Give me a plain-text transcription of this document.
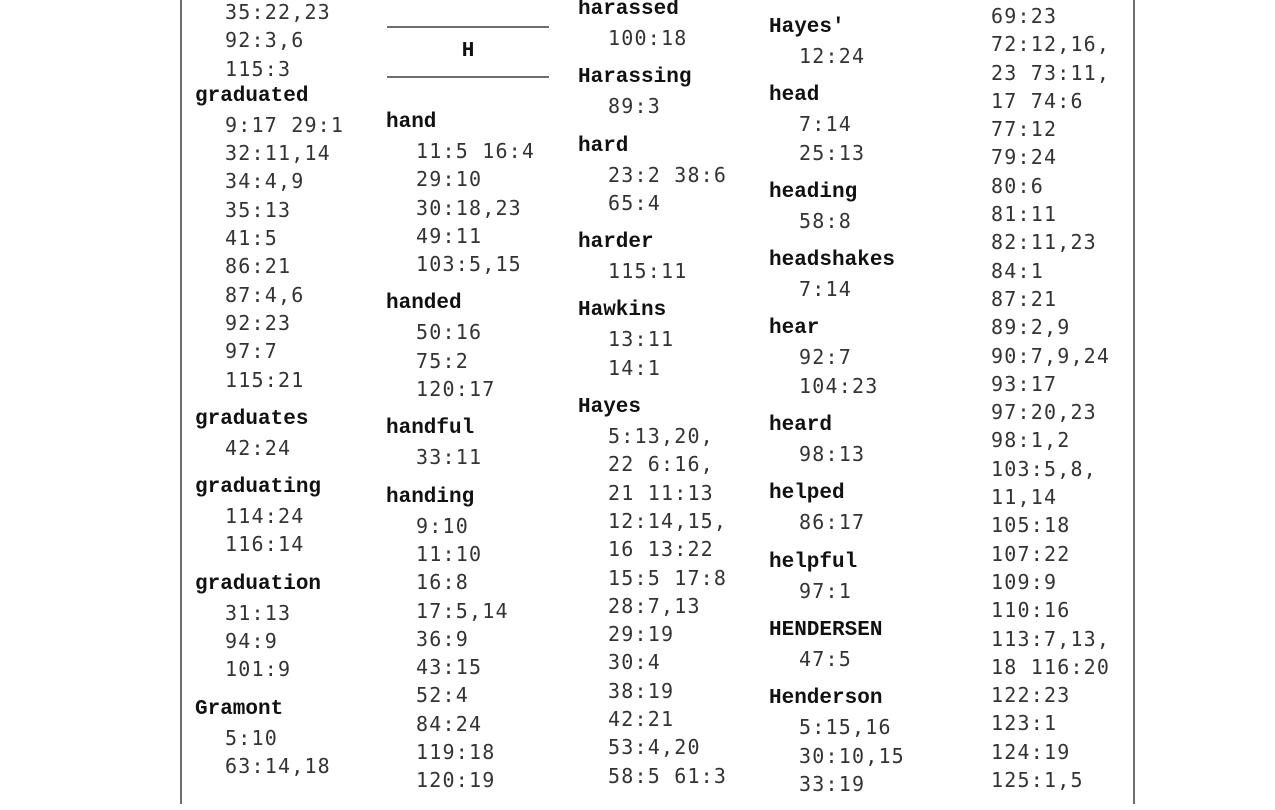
35:22,23
92:3,6
115:3
graduated
9:17 29:1
32:11,14
34:4,9
35:13
41:5
86:21
87:4,6
92:23
97:7
115:21
graduates
42:24
graduating
114:24
116:14
graduation
31:13
94:9
101:9
Gramont
5:10
63:14,18
H
hand
11:5 16:4
29:10
30:18,23
49:11
103:5,15
handed
50:16
75:2
120:17
handful
33:11
handing
9:10
11:10
16:8
17:5,14
36:9
43:15
52:4
84:24
119:18
120:19
harassed
100:18
Harassing
89:3
hard
23:2 38:6
65:4
harder
115:11
Hawkins
13:11
14:1
Hayes
5:13,20,
22 6:16,
21 11:13
12:14,15,
16 13:22
15:5 17:8
28:7,13
29:19
30:4
38:19
42:21
53:4,20
58:5 61:3
Hayes'
12:24
head
7:14
25:13
heading
58:8
headshakes
7:14
hear
92:7
104:23
heard
98:13
helped
86:17
helpful
97:1
HENDERSEN
47:5
Henderson
5:15,16
30:10,15
33:19
69:23
72:12,16,
23 73:11,
17 74:6
77:12
79:24
80:6
81:11
82:11,23
84:1
87:21
89:2,9
90:7,9,24
93:17
97:20,23
98:1,2
103:5,8,
11,14
105:18
107:22
109:9
110:16
113:7,13,
18 116:20
122:23
123:1
124:19
125:1,5
